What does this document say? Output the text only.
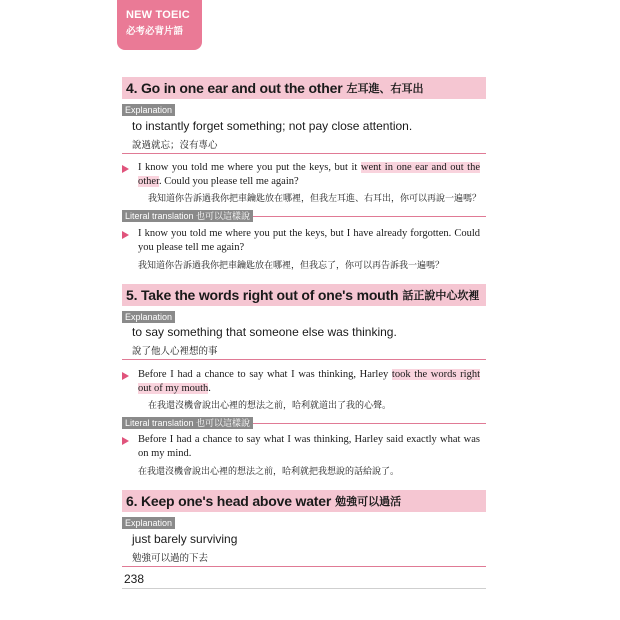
NEW TOEIC
必考必背片語
4. Go in one ear and out the other 左耳進、右耳出
Explanation
to instantly forget something; not pay close attention.
說過就忘；沒有專心
I know you told me where you put the keys, but it went in one ear and out the other. Could you please tell me again?
我知道你告訴過我你把車鑰匙放在哪裡，但我左耳進、右耳出，你可以再說一遍嗎？
Literal translation 也可以這樣說
I know you told me where you put the keys, but I have already forgotten. Could you please tell me again?
我知道你告訴過我你把車鑰匙放在哪裡，但我忘了，你可以再告訴我一遍嗎？
5. Take the words right out of one's mouth 話正說中心坎裡
Explanation
to say something that someone else was thinking.
說了他人心裡想的事
Before I had a chance to say what I was thinking, Harley took the words right out of my mouth.
在我還沒機會說出心裡的想法之前，哈利就道出了我的心聲。
Literal translation 也可以這樣說
Before I had a chance to say what I was thinking, Harley said exactly what was on my mind.
在我還沒機會說出心裡的想法之前，哈利就把我想說的話給說了。
6. Keep one's head above water 勉強可以過活
Explanation
just barely surviving
勉強可以過的下去
238
